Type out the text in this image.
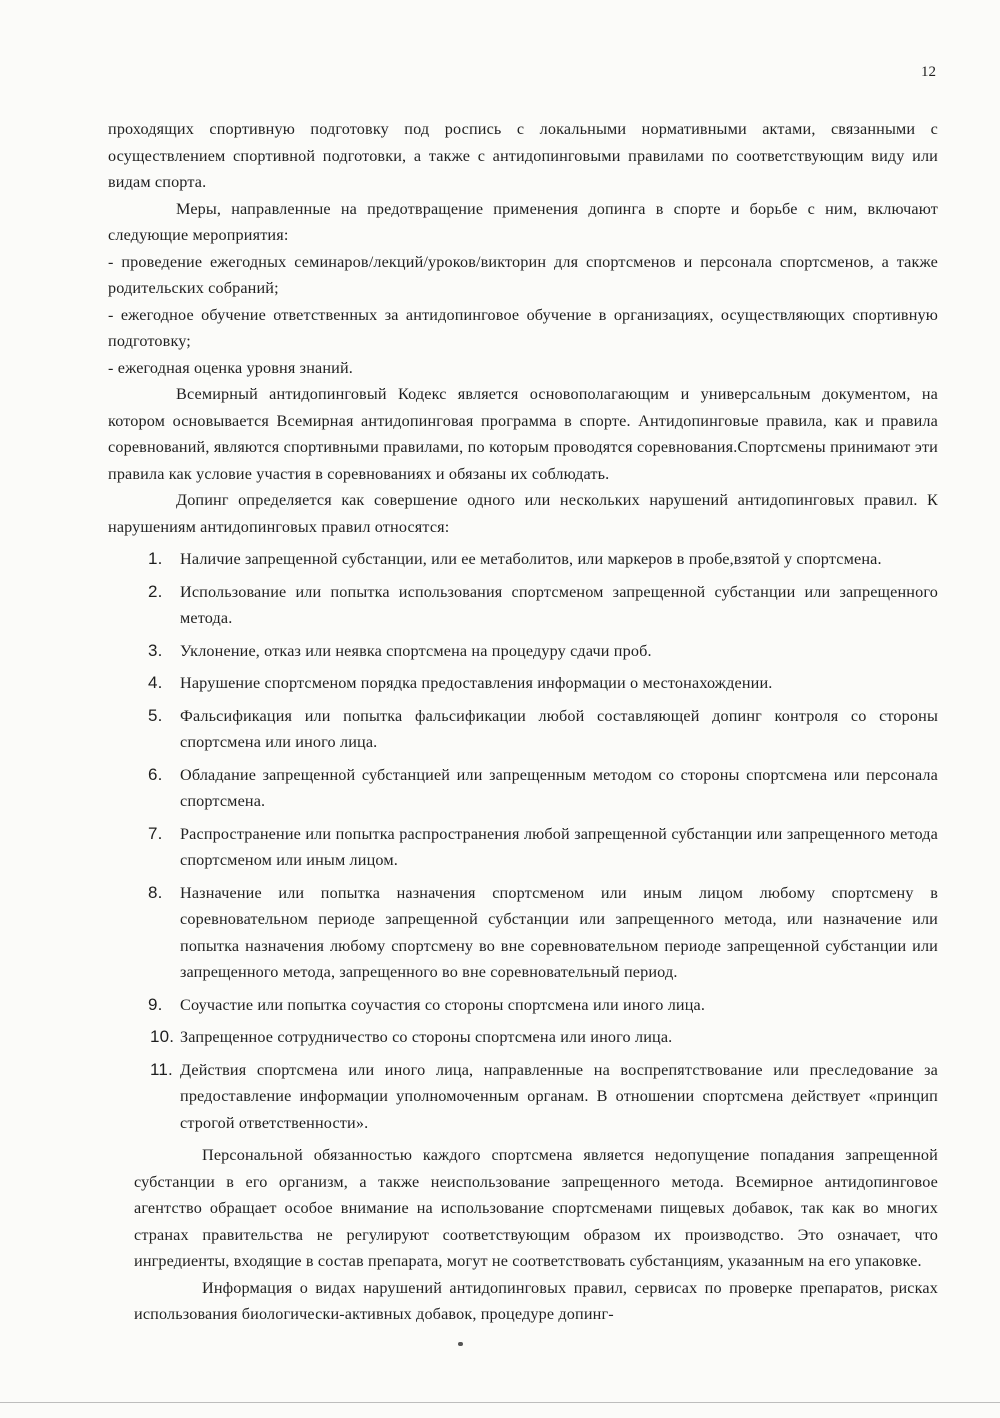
12

проходящих спортивную подготовку под роспись с локальными нормативными актами, связанными с осуществлением спортивной подготовки, а также с антидопинговыми правилами по соответствующим виду или видам спорта.

Меры, направленные на предотвращение применения допинга в спорте и борьбе с ним, включают следующие мероприятия:

- проведение ежегодных семинаров/лекций/уроков/викторин для спортсменов и персонала спортсменов, а также родительских собраний;

- ежегодное обучение ответственных за антидопинговое обучение в организациях, осуществляющих спортивную подготовку;

- ежегодная оценка уровня знаний.

Всемирный антидопинговый Кодекс является основополагающим и универсальным документом, на котором основывается Всемирная антидопинговая программа в спорте. Антидопинговые правила, как и правила соревнований, являются спортивными правилами, по которым проводятся соревнования.Спортсмены принимают эти правила как условие участия в соревнованиях и обязаны их соблюдать.

Допинг определяется как совершение одного или нескольких нарушений антидопинговых правил. К нарушениям антидопинговых правил относятся:

1. Наличие запрещенной субстанции, или ее метаболитов, или маркеров в пробе,взятой у спортсмена.
2. Использование или попытка использования спортсменом запрещенной субстанции или запрещенного метода.
3. Уклонение, отказ или неявка спортсмена на процедуру сдачи проб.
4. Нарушение спортсменом порядка предоставления информации о местонахождении.
5. Фальсификация или попытка фальсификации любой составляющей допинг контроля со стороны спортсмена или иного лица.
6. Обладание запрещенной субстанцией или запрещенным методом со стороны спортсмена или персонала спортсмена.
7. Распространение или попытка распространения любой запрещенной субстанции или запрещенного метода спортсменом или иным лицом.
8. Назначение или попытка назначения спортсменом или иным лицом любому спортсмену в соревновательном периоде запрещенной субстанции или запрещенного метода, или назначение или попытка назначения любому спортсмену во вне соревновательном периоде запрещенной субстанции или запрещенного метода, запрещенного во вне соревновательный период.
9. Соучастие или попытка соучастия со стороны спортсмена или иного лица.
10. Запрещенное сотрудничество со стороны спортсмена или иного лица.
11. Действия спортсмена или иного лица, направленные на воспрепятствование или преследование за предоставление информации уполномоченным органам. В отношении спортсмена действует «принцип строгой ответственности».

Персональной обязанностью каждого спортсмена является недопущение попадания запрещенной субстанции в его организм, а также неиспользование запрещенного метода. Всемирное антидопинговое агентство обращает особое внимание на использование спортсменами пищевых добавок, так как во многих странах правительства не регулируют соответствующим образом их производство. Это означает, что ингредиенты, входящие в состав препарата, могут не соответствовать субстанциям, указанным на его упаковке.

Информация о видах нарушений антидопинговых правил, сервисах по проверке препаратов, рисках использования биологически-активных добавок, процедуре допинг-
